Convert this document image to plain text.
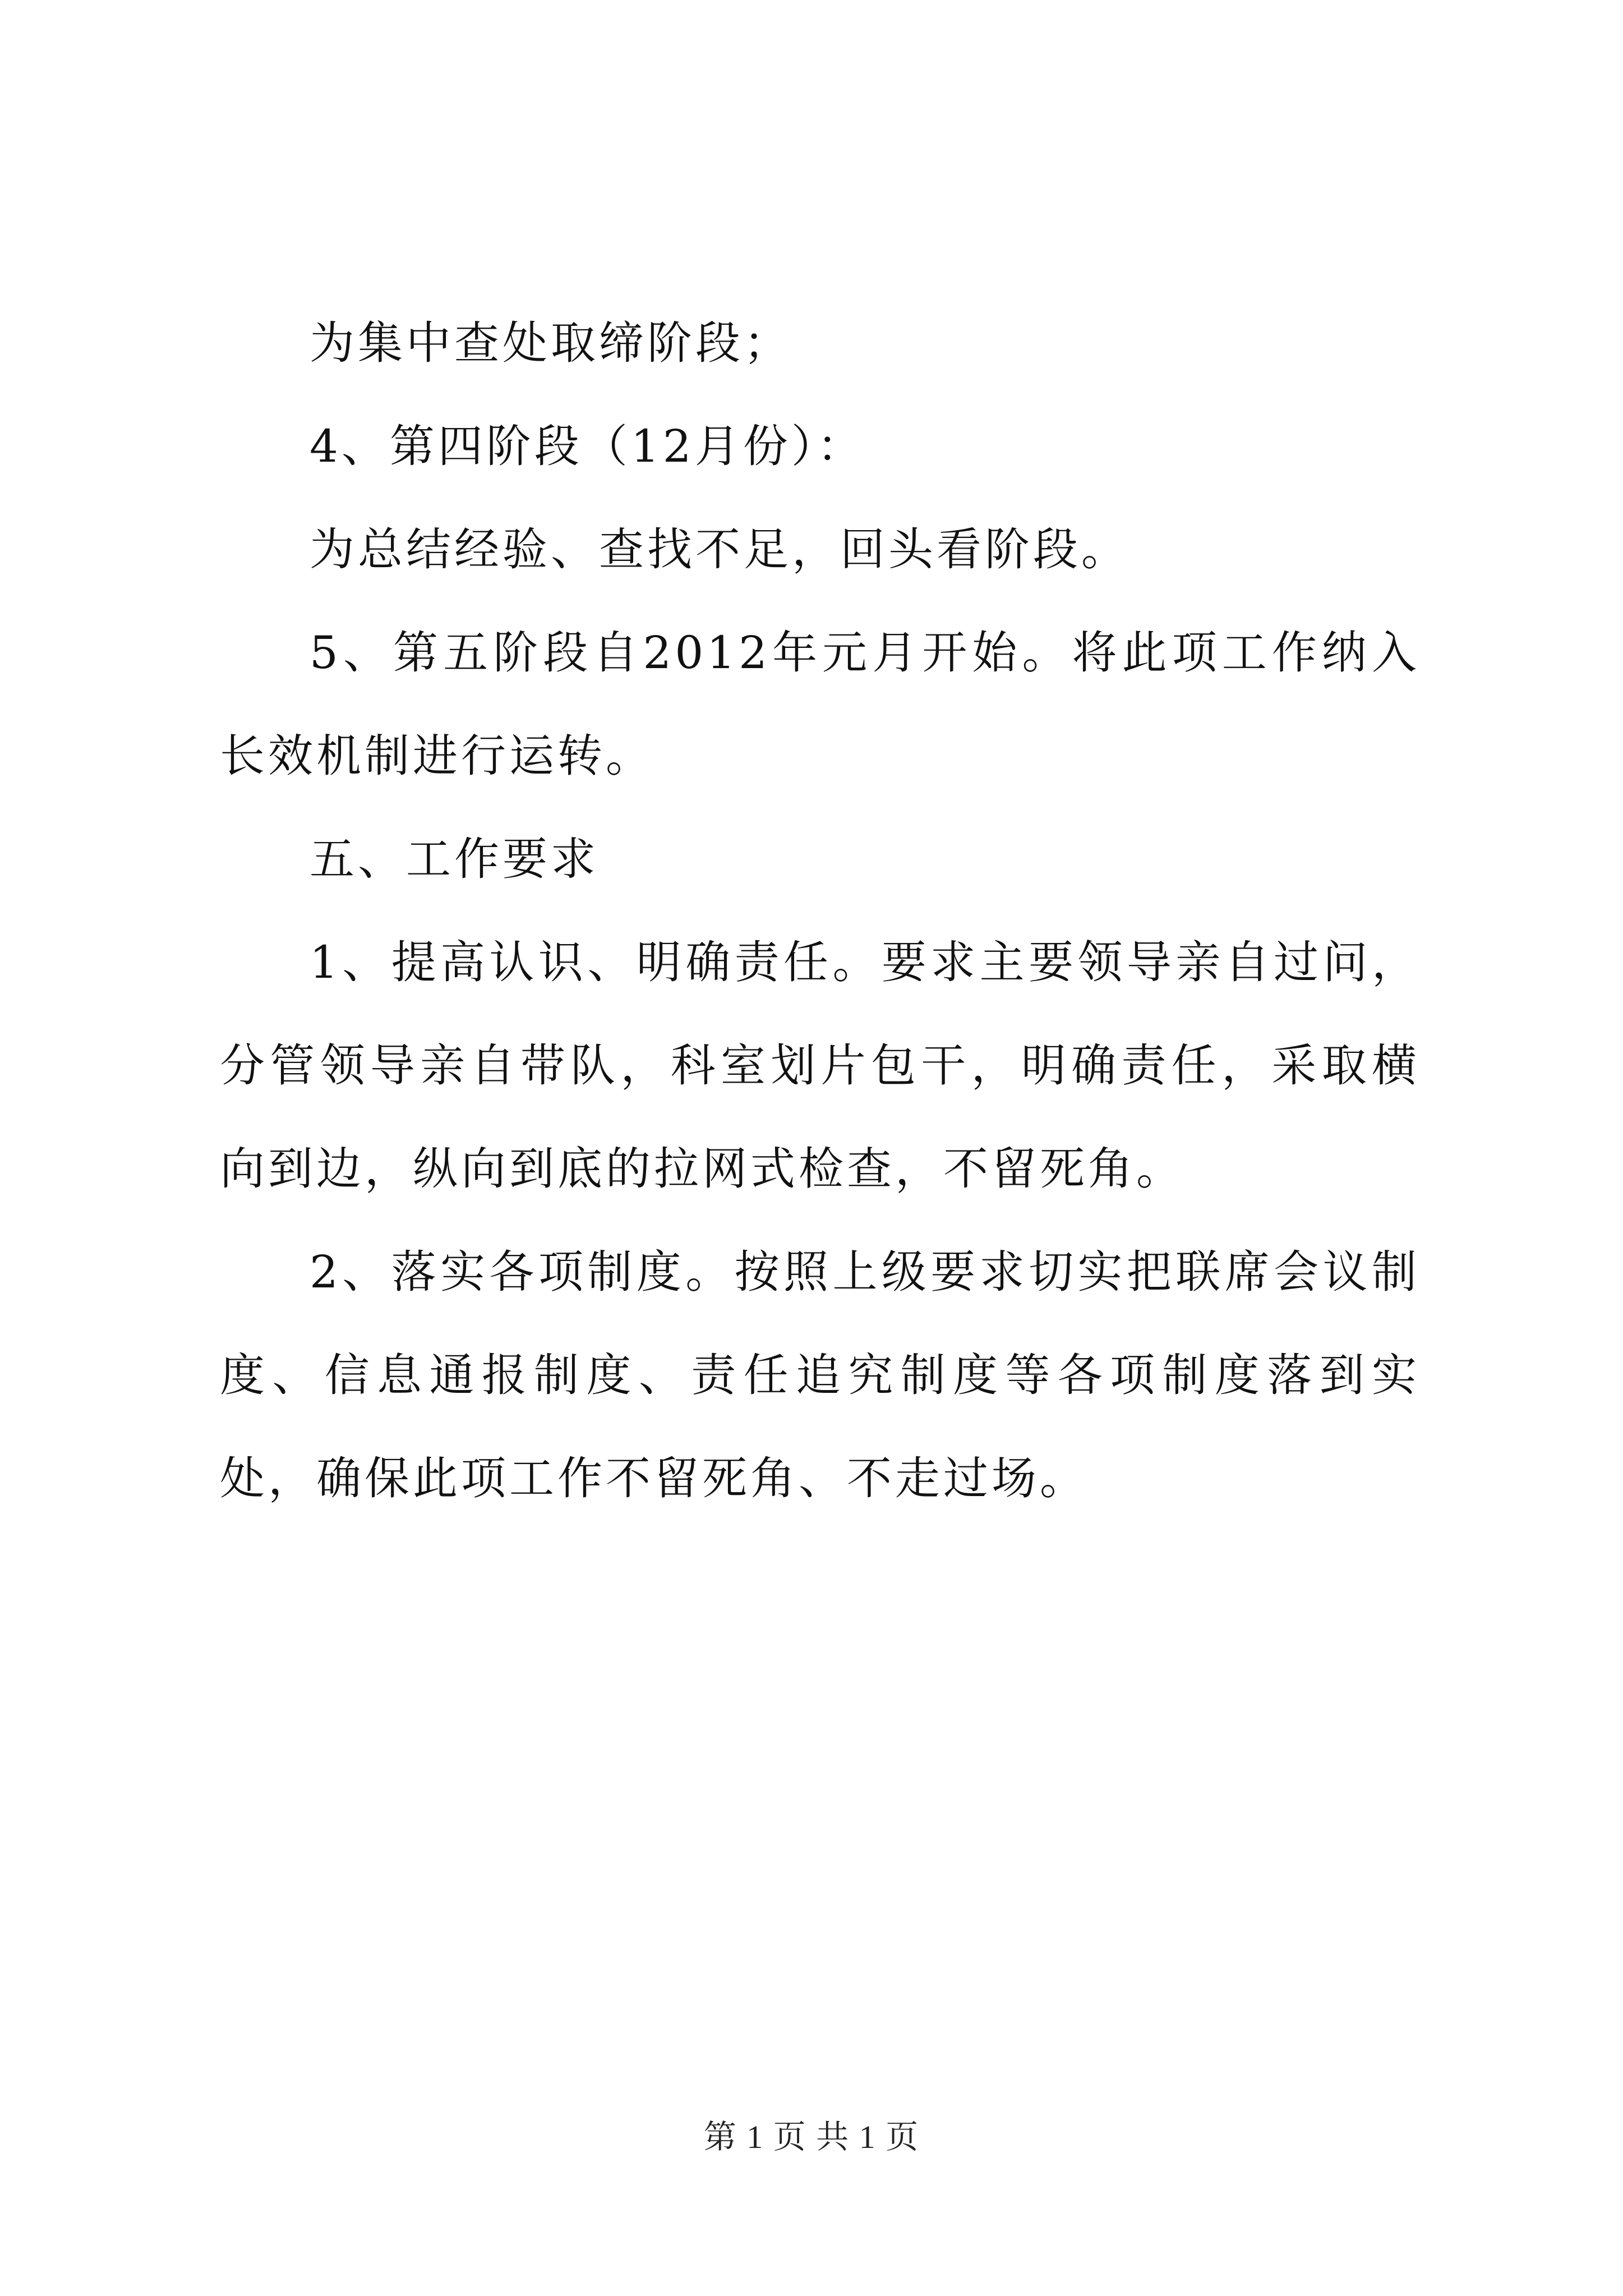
为集中查处取缔阶段；

4、第四阶段（12月份）：

为总结经验、查找不足，回头看阶段。

5、第五阶段自2012年元月开始。将此项工作纳入长效机制进行运转。

五、工作要求

1、提高认识、明确责任。要求主要领导亲自过问，分管领导亲自带队，科室划片包干，明确责任，采取横向到边，纵向到底的拉网式检查，不留死角。

2、落实各项制度。按照上级要求切实把联席会议制度、信息通报制度、责任追究制度等各项制度落到实处，确保此项工作不留死角、不走过场。

第 1 页 共 1 页
